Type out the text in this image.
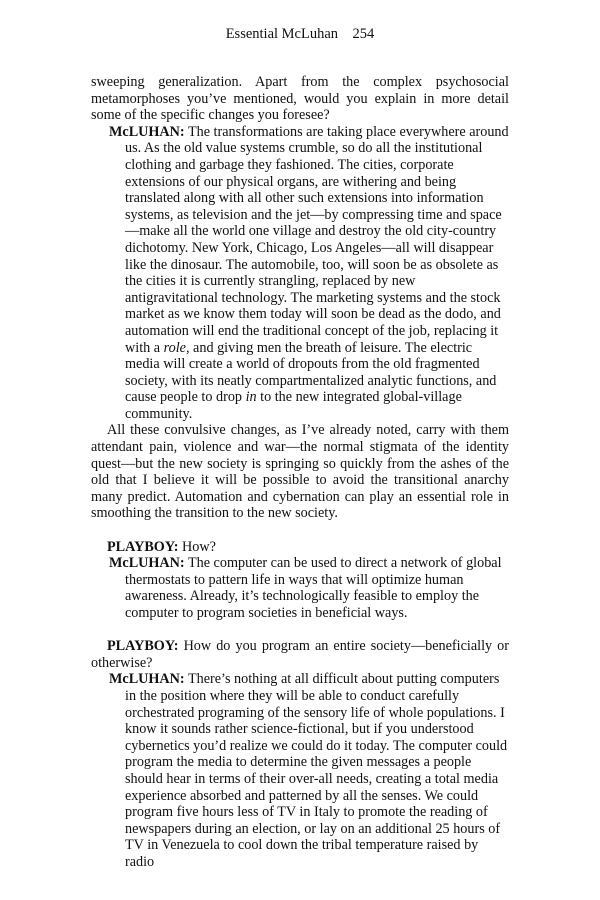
Essential McLuhan 254

sweeping generalization. Apart from the complex psychosocial metamorphoses you’ve mentioned, would you explain in more detail some of the specific changes you foresee?

McLUHAN: The transformations are taking place everywhere around us. As the old value systems crumble, so do all the institutional clothing and garbage they fashioned. The cities, corporate extensions of our physical organs, are withering and being translated along with all other such extensions into information systems, as television and the jet—by compressing time and space—make all the world one village and destroy the old city-country dichotomy. New York, Chicago, Los Angeles—all will disappear like the dinosaur. The automobile, too, will soon be as obsolete as the cities it is currently strangling, replaced by new antigravitational technology. The marketing systems and the stock market as we know them today will soon be dead as the dodo, and automation will end the traditional concept of the job, replacing it with a role, and giving men the breath of leisure. The electric media will create a world of dropouts from the old fragmented society, with its neatly compartmentalized analytic functions, and cause people to drop in to the new integrated global-village community.

All these convulsive changes, as I’ve already noted, carry with them attendant pain, violence and war—the normal stigmata of the identity quest—but the new society is springing so quickly from the ashes of the old that I believe it will be possible to avoid the transitional anarchy many predict. Automation and cybernation can play an essential role in smoothing the transition to the new society.

PLAYBOY: How?

McLUHAN: The computer can be used to direct a network of global thermostats to pattern life in ways that will optimize human awareness. Already, it’s technologically feasible to employ the computer to program societies in beneficial ways.

PLAYBOY: How do you program an entire society—beneficially or otherwise?

McLUHAN: There’s nothing at all difficult about putting computers in the position where they will be able to conduct carefully orchestrated programing of the sensory life of whole populations. I know it sounds rather science-fictional, but if you understood cybernetics you’d realize we could do it today. The computer could program the media to determine the given messages a people should hear in terms of their over-all needs, creating a total media experience absorbed and patterned by all the senses. We could program five hours less of TV in Italy to promote the reading of newspapers during an election, or lay on an additional 25 hours of TV in Venezuela to cool down the tribal temperature raised by radio
